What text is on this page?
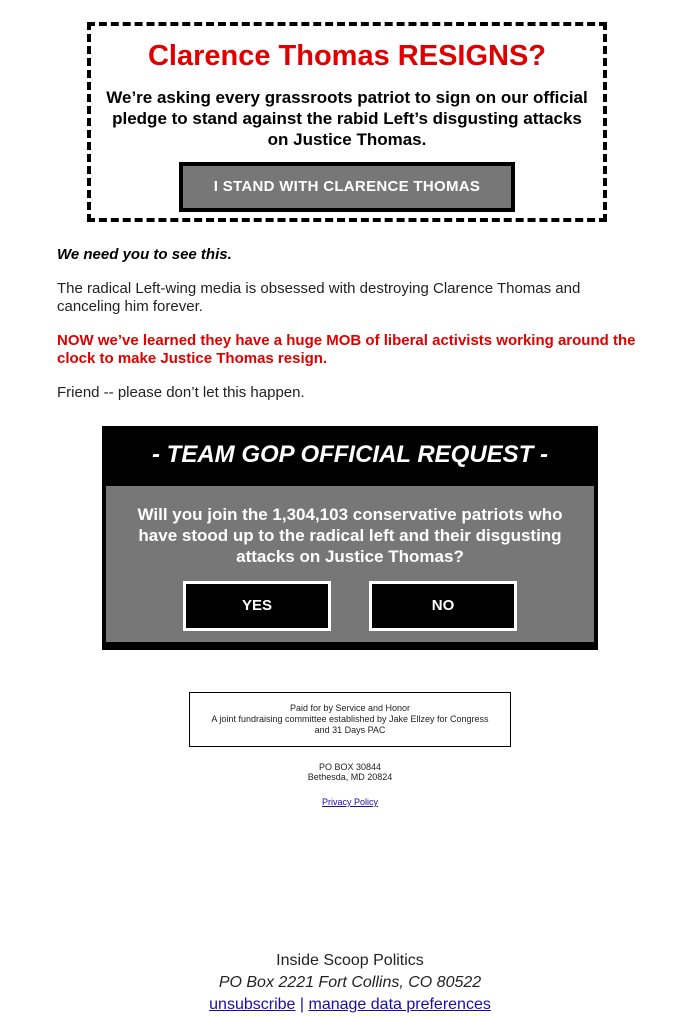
Clarence Thomas RESIGNS?
We’re asking every grassroots patriot to sign on our official pledge to stand against the rabid Left’s disgusting attacks on Justice Thomas.
I STAND WITH CLARENCE THOMAS

We need you to see this.

The radical Left-wing media is obsessed with destroying Clarence Thomas and canceling him forever.

NOW we’ve learned they have a huge MOB of liberal activists working around the clock to make Justice Thomas resign.

Friend -- please don’t let this happen.

- TEAM GOP OFFICIAL REQUEST -

Will you join the 1,304,103 conservative patriots who have stood up to the radical left and their disgusting attacks on Justice Thomas?

YES	NO
Paid for by Service and Honor
A joint fundraising committee established by Jake Ellzey for Congress and 31 Days PAC
PO BOX 30844
Bethesda, MD 20824
Privacy Policy
Inside Scoop Politics
PO Box 2221 Fort Collins, CO 80522
unsubscribe | manage data preferences
